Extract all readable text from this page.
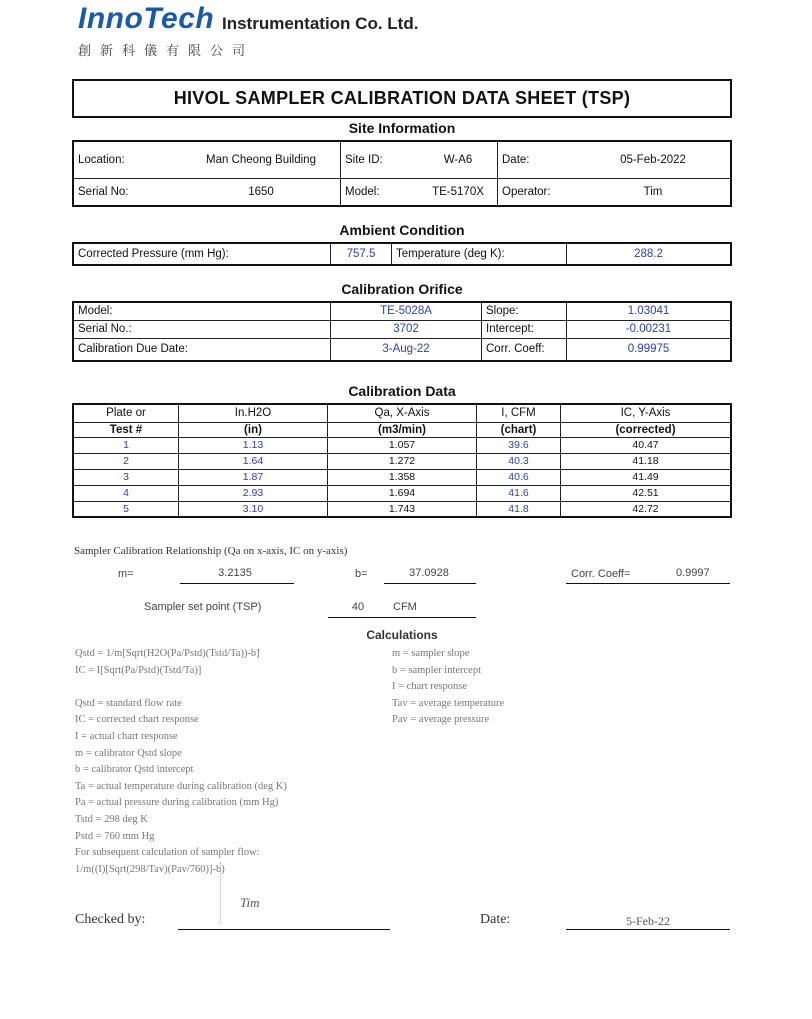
InnoTech Instrumentation Co. Ltd.
創新科儀有限公司
HIVOL SAMPLER CALIBRATION DATA SHEET (TSP)
Site Information
Location:	Man Cheong Building	Site ID:	W-A6	Date:	05-Feb-2022
Serial No:	1650	Model:	TE-5170X	Operator:	Tim
Ambient Condition
Corrected Pressure (mm Hg):	757.5	Temperature (deg K):	288.2
Calibration Orifice
Model:	TE-5028A	Slope:	1.03041
Serial No.:	3702	Intercept:	-0.00231
Calibration Due Date:	3-Aug-22	Corr. Coeff:	0.99975
Calibration Data
Plate or	In.H2O	Qa, X-Axis	I, CFM	IC, Y-Axis
Test #	(in)	(m3/min)	(chart)	(corrected)
1	1.13	1.057	39.6	40.47
2	1.64	1.272	40.3	41.18
3	1.87	1.358	40.6	41.49
4	2.93	1.694	41.6	42.51
5	3.10	1.743	41.8	42.72
Sampler Calibration Relationship (Qa on x-axis, IC on y-axis)
m=	3.2135	b=	37.0928	Corr. Coeff=	0.9997
Sampler set point (TSP)	40	CFM
Calculations
Qstd = 1/m[Sqrt(H2O(Pa/Pstd)(Tstd/Ta))-b]
IC = I[Sqrt(Pa/Pstd)(Tstd/Ta)]

Qstd = standard flow rate
IC = corrected chart response
I = actual chart response
m = calibrator Qstd slope
b = calibrator Qstd intercept
Ta = actual temperature during calibration (deg K)
Pa = actual pressure during calibration (mm Hg)
Tstd = 298 deg K
Pstd = 760 mm Hg
For subsequent calculation of sampler flow:
1/m((I)[Sqrt(298/Tav)(Pav/760)]-b)
m = sampler slope
b = sampler intercept
I = chart response
Tav = average temperature
Pav = average pressure
Checked by:
Tim
Date:	5-Feb-22
